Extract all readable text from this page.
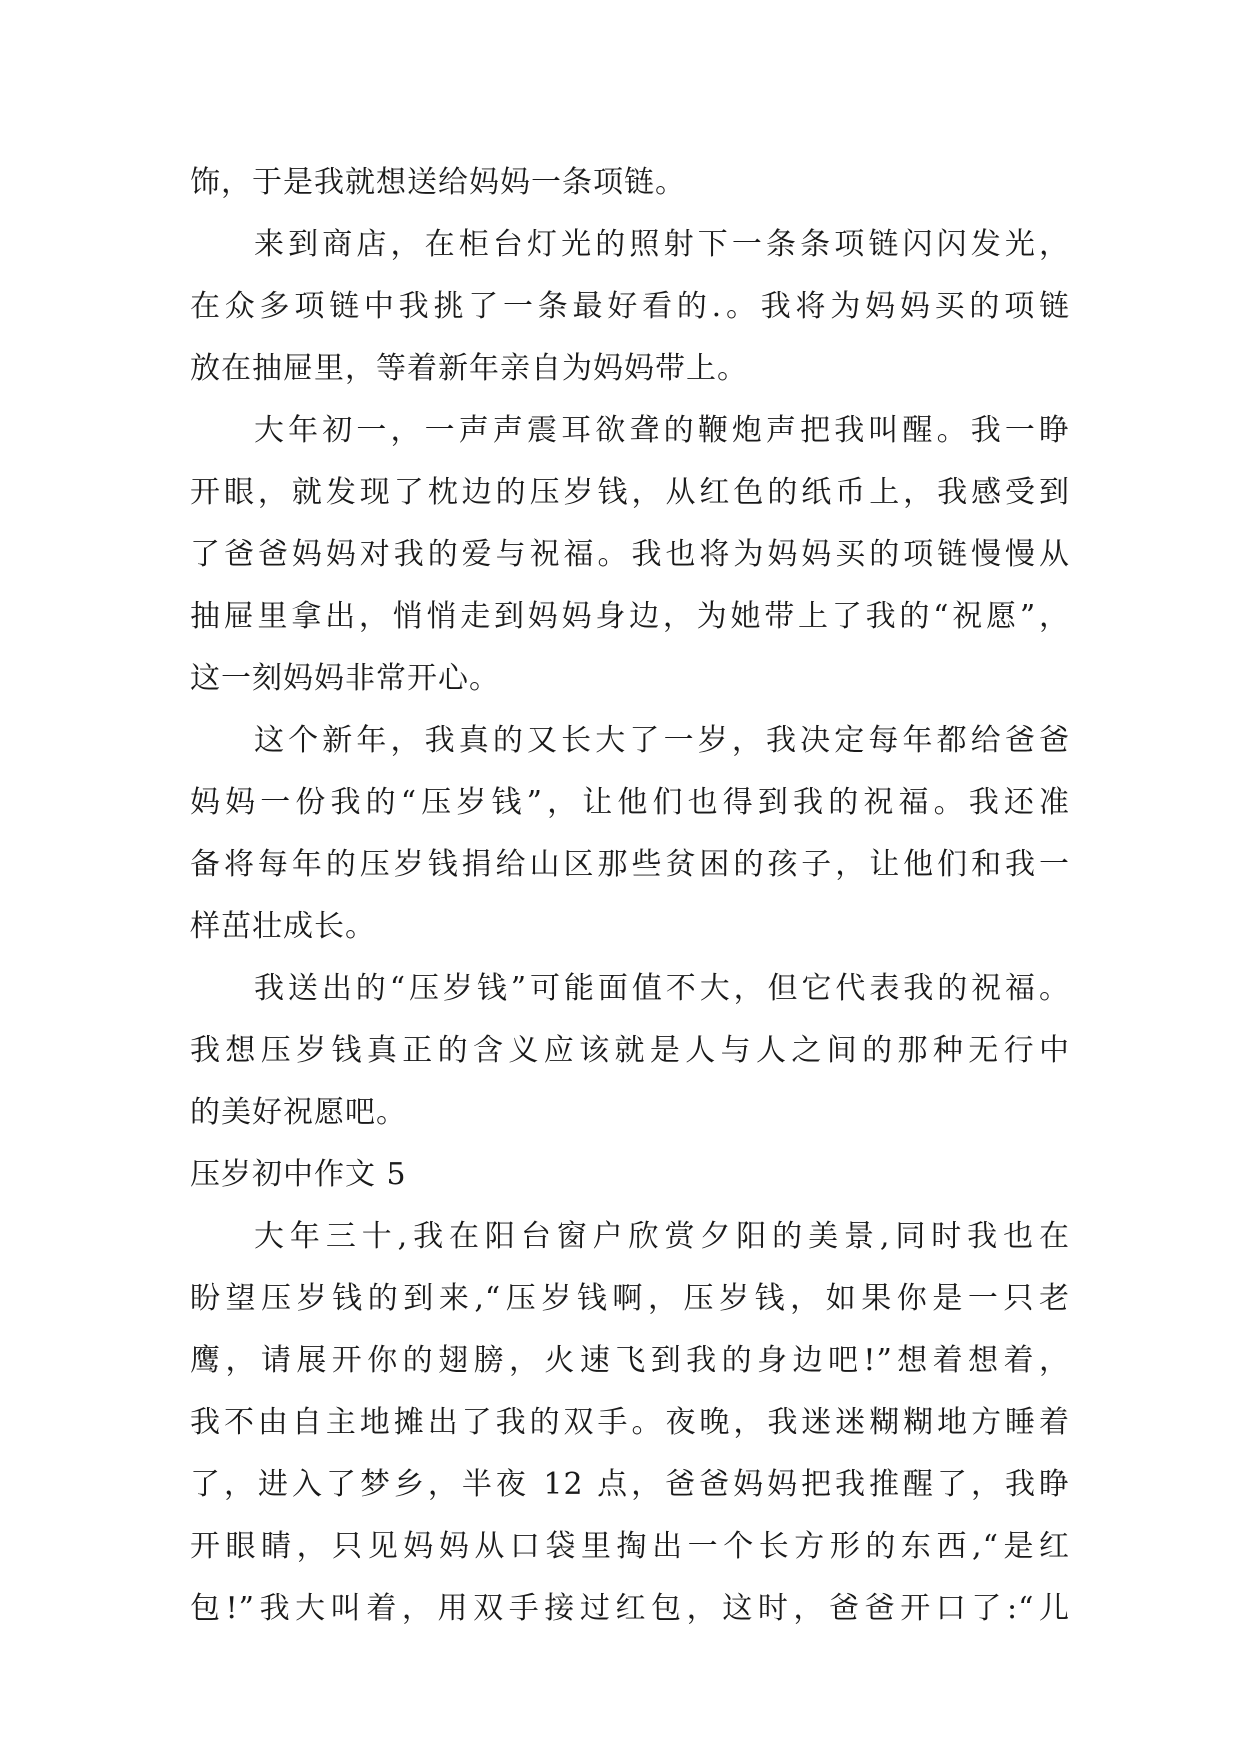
饰，于是我就想送给妈妈一条项链。
来到商店，在柜台灯光的照射下一条条项链闪闪发光，
在众多项链中我挑了一条最好看的.。我将为妈妈买的项链
放在抽屉里，等着新年亲自为妈妈带上。
大年初一，一声声震耳欲聋的鞭炮声把我叫醒。我一睁
开眼，就发现了枕边的压岁钱，从红色的纸币上，我感受到
了爸爸妈妈对我的爱与祝福。我也将为妈妈买的项链慢慢从
抽屉里拿出，悄悄走到妈妈身边，为她带上了我的“祝愿”，
这一刻妈妈非常开心。
这个新年，我真的又长大了一岁，我决定每年都给爸爸
妈妈一份我的“压岁钱”，让他们也得到我的祝福。我还准
备将每年的压岁钱捐给山区那些贫困的孩子，让他们和我一
样茁壮成长。
我送出的“压岁钱”可能面值不大，但它代表我的祝福。
我想压岁钱真正的含义应该就是人与人之间的那种无行中
的美好祝愿吧。
压岁初中作文 5
大年三十,我在阳台窗户欣赏夕阳的美景,同时我也在
盼望压岁钱的到来,“压岁钱啊，压岁钱，如果你是一只老
鹰，请展开你的翅膀，火速飞到我的身边吧!”想着想着，
我不由自主地摊出了我的双手。夜晚，我迷迷糊糊地方睡着
了，进入了梦乡，半夜 12 点，爸爸妈妈把我推醒了，我睁
开眼睛，只见妈妈从口袋里掏出一个长方形的东西,“是红
包!”我大叫着，用双手接过红包，这时，爸爸开口了:“儿
